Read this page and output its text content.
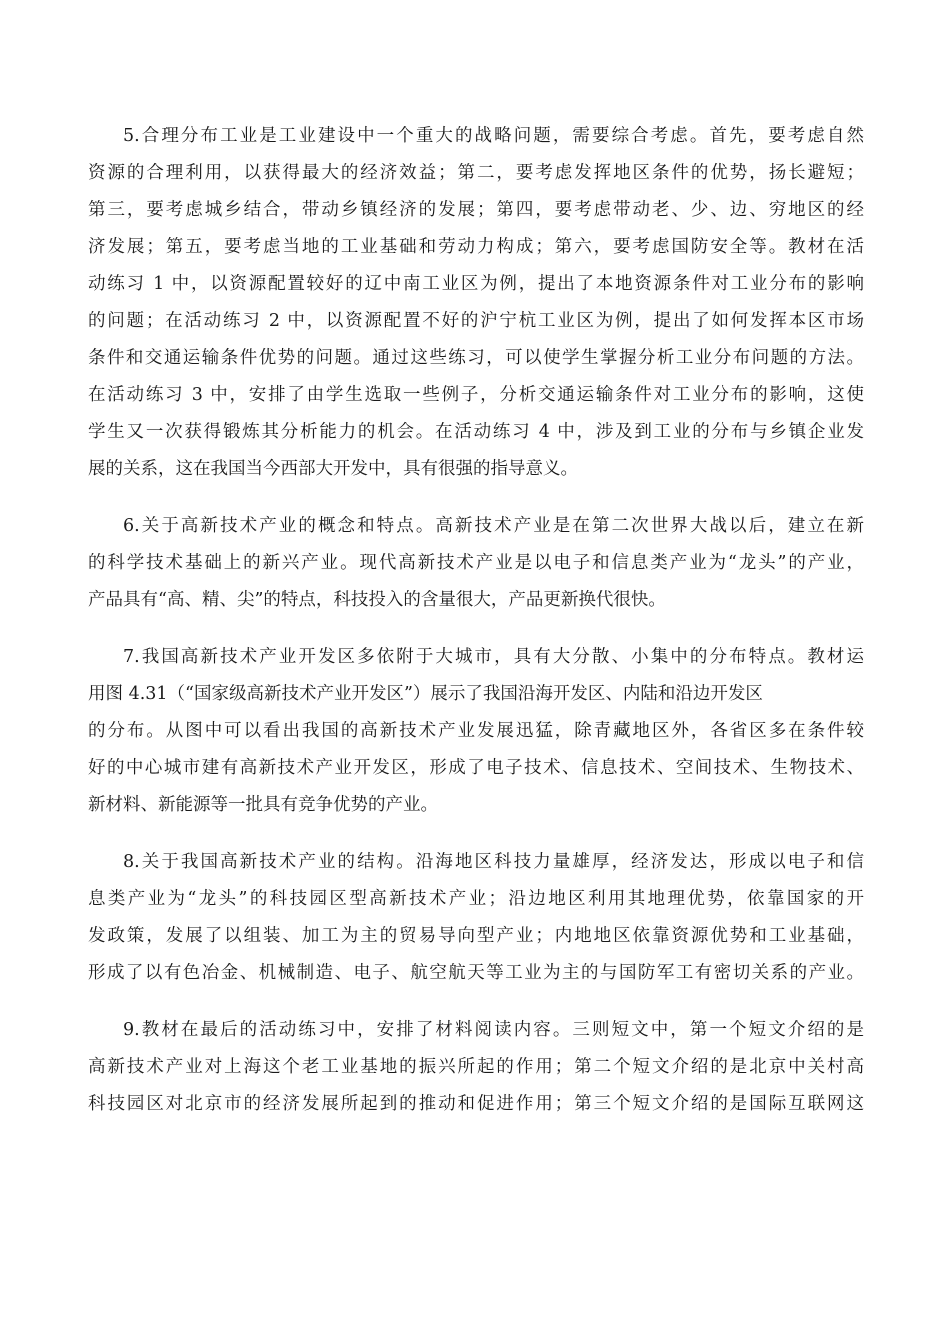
5.合理分布工业是工业建设中一个重大的战略问题，需要综合考虑。首先，要考虑自然
资源的合理利用，以获得最大的经济效益；第二，要考虑发挥地区条件的优势，扬长避短；
第三，要考虑城乡结合，带动乡镇经济的发展；第四，要考虑带动老、少、边、穷地区的经
济发展；第五，要考虑当地的工业基础和劳动力构成；第六，要考虑国防安全等。教材在活
动练习 1 中，以资源配置较好的辽中南工业区为例，提出了本地资源条件对工业分布的影响
的问题；在活动练习 2 中，以资源配置不好的沪宁杭工业区为例，提出了如何发挥本区市场
条件和交通运输条件优势的问题。通过这些练习，可以使学生掌握分析工业分布问题的方法。
在活动练习 3 中，安排了由学生选取一些例子，分析交通运输条件对工业分布的影响，这使
学生又一次获得锻炼其分析能力的机会。在活动练习 4 中，涉及到工业的分布与乡镇企业发
展的关系，这在我国当今西部大开发中，具有很强的指导意义。
6.关于高新技术产业的概念和特点。高新技术产业是在第二次世界大战以后，建立在新
的科学技术基础上的新兴产业。现代高新技术产业是以电子和信息类产业为“龙头”的产业，
产品具有“高、精、尖”的特点，科技投入的含量很大，产品更新换代很快。
7.我国高新技术产业开发区多依附于大城市，具有大分散、小集中的分布特点。教材运
用图 4.31（“国家级高新技术产业开发区”）展示了我国沿海开发区、内陆和沿边开发区
的分布。从图中可以看出我国的高新技术产业发展迅猛，除青藏地区外，各省区多在条件较
好的中心城市建有高新技术产业开发区，形成了电子技术、信息技术、空间技术、生物技术、
新材料、新能源等一批具有竞争优势的产业。
8.关于我国高新技术产业的结构。沿海地区科技力量雄厚，经济发达，形成以电子和信
息类产业为“龙头”的科技园区型高新技术产业；沿边地区利用其地理优势，依靠国家的开
发政策，发展了以组装、加工为主的贸易导向型产业；内地地区依靠资源优势和工业基础，
形成了以有色冶金、机械制造、电子、航空航天等工业为主的与国防军工有密切关系的产业。
9.教材在最后的活动练习中，安排了材料阅读内容。三则短文中，第一个短文介绍的是
高新技术产业对上海这个老工业基地的振兴所起的作用；第二个短文介绍的是北京中关村高
科技园区对北京市的经济发展所起到的推动和促进作用；第三个短文介绍的是国际互联网这
